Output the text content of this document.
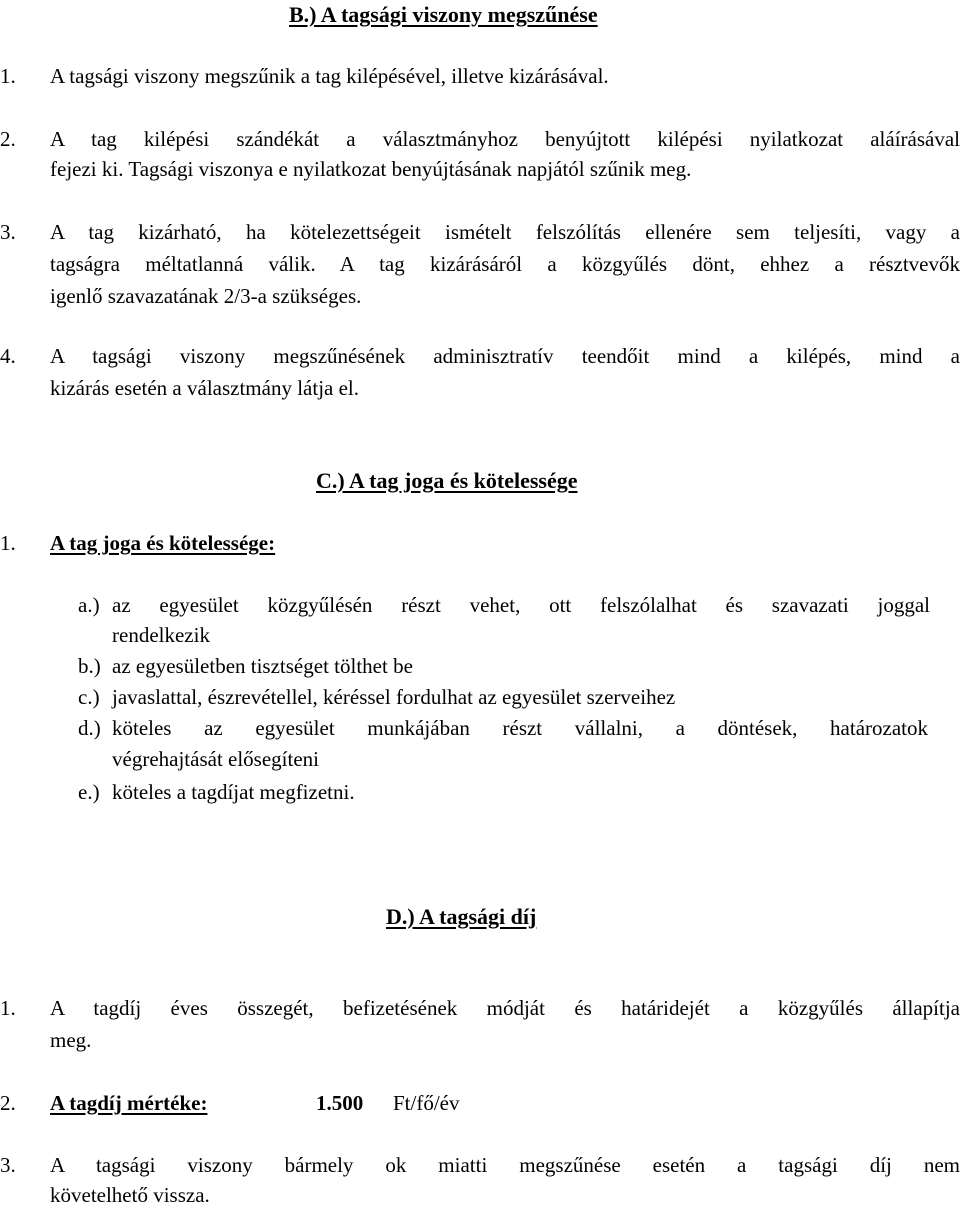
B.) A tagsági viszony megszűnése
1. A tagsági viszony megszűnik a tag kilépésével, illetve kizárásával.
2. A tag kilépési szándékát a választmányhoz benyújtott kilépési nyilatkozat aláírásával
fejezi ki. Tagsági viszonya e nyilatkozat benyújtásának napjától szűnik meg.
3. A tag kizárható, ha kötelezettségeit ismételt felszólítás ellenére sem teljesíti, vagy a
tagságra méltatlanná válik. A tag kizárásáról a közgyűlés dönt, ehhez a résztvevők
igenlő szavazatának 2/3-a szükséges.
4. A tagsági viszony megszűnésének adminisztratív teendőit mind a kilépés, mind a
kizárás esetén a választmány látja el.
C.) A tag joga és kötelessége
1. A tag joga és kötelessége:
a.) az egyesület közgyűlésén részt vehet, ott felszólalhat és szavazati joggal
rendelkezik
b.) az egyesületben tisztséget tölthet be
c.) javaslattal, észrevétellel, kéréssel fordulhat az egyesület szerveihez
d.) köteles az egyesület munkájában részt vállalni, a döntések, határozatok
végrehajtását elősegíteni
e.) köteles a tagdíjat megfizetni.
D.) A tagsági díj
1. A tagdíj éves összegét, befizetésének módját és határidejét a közgyűlés állapítja
meg.
2. A tagdíj mértéke:	1.500 Ft/fő/év
3. A tagsági viszony bármely ok miatti megszűnése esetén a tagsági díj nem
követelhető vissza.
